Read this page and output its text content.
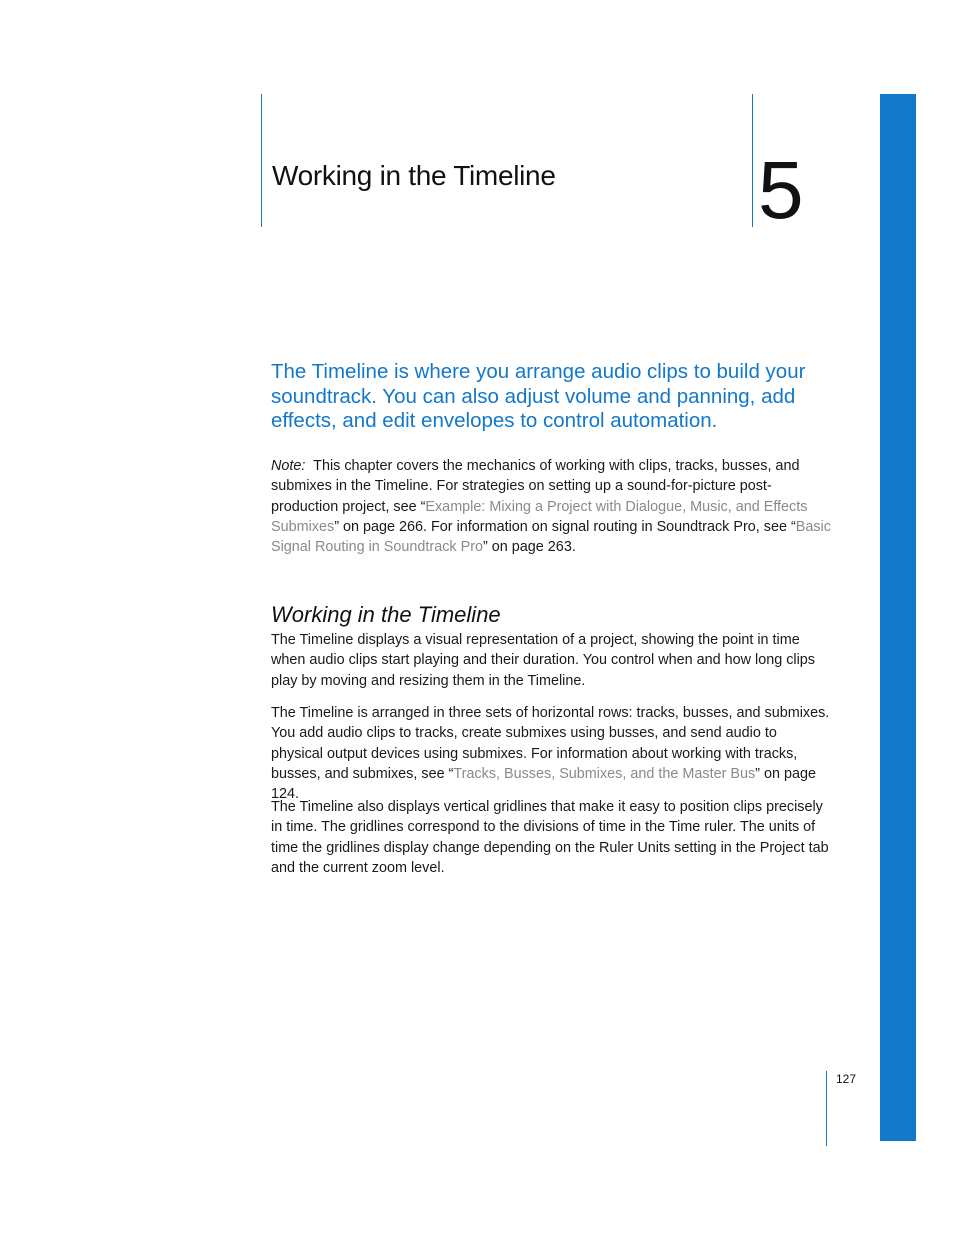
Working in the Timeline 5

The Timeline is where you arrange audio clips to build your soundtrack. You can also adjust volume and panning, add effects, and edit envelopes to control automation.

Note: This chapter covers the mechanics of working with clips, tracks, busses, and submixes in the Timeline. For strategies on setting up a sound-for-picture post-production project, see “Example: Mixing a Project with Dialogue, Music, and Effects Submixes” on page 266. For information on signal routing in Soundtrack Pro, see “Basic Signal Routing in Soundtrack Pro” on page 263.

Working in the Timeline

The Timeline displays a visual representation of a project, showing the point in time when audio clips start playing and their duration. You control when and how long clips play by moving and resizing them in the Timeline.

The Timeline is arranged in three sets of horizontal rows: tracks, busses, and submixes. You add audio clips to tracks, create submixes using busses, and send audio to physical output devices using submixes. For information about working with tracks, busses, and submixes, see “Tracks, Busses, Submixes, and the Master Bus” on page 124.

The Timeline also displays vertical gridlines that make it easy to position clips precisely in time. The gridlines correspond to the divisions of time in the Time ruler. The units of time the gridlines display change depending on the Ruler Units setting in the Project tab and the current zoom level.

127
